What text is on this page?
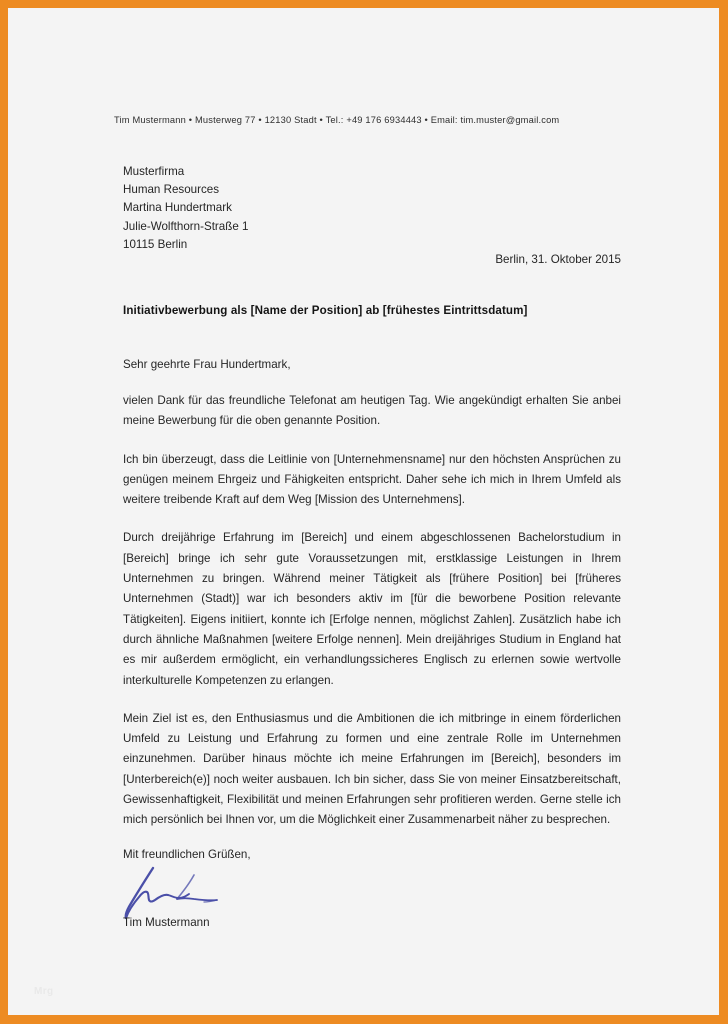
Tim Mustermann • Musterweg 77 • 12130 Stadt • Tel.: +49 176 6934443 • Email: tim.muster@gmail.com
Musterfirma
Human Resources
Martina Hundertmark
Julie-Wolfthorn-Straße 1
10115 Berlin
Berlin, 31. Oktober 2015
Initiativbewerbung als [Name der Position] ab [frühestes Eintrittsdatum]
Sehr geehrte Frau Hundertmark,

vielen Dank für das freundliche Telefonat am heutigen Tag. Wie angekündigt erhalten Sie anbei meine Bewerbung für die oben genannte Position.

Ich bin überzeugt, dass die Leitlinie von [Unternehmensname] nur den höchsten Ansprüchen zu genügen meinem Ehrgeiz und Fähigkeiten entspricht. Daher sehe ich mich in Ihrem Umfeld als weitere treibende Kraft auf dem Weg [Mission des Unternehmens].

Durch dreijährige Erfahrung im [Bereich] und einem abgeschlossenen Bachelorstudium in [Bereich] bringe ich sehr gute Voraussetzungen mit, erstklassige Leistungen in Ihrem Unternehmen zu bringen. Während meiner Tätigkeit als [frühere Position] bei [früheres Unternehmen (Stadt)] war ich besonders aktiv im [für die beworbene Position relevante Tätigkeiten]. Eigens initiiert, konnte ich [Erfolge nennen, möglichst Zahlen]. Zusätzlich habe ich durch ähnliche Maßnahmen [weitere Erfolge nennen]. Mein dreijähriges Studium in England hat es mir außerdem ermöglicht, ein verhandlungssicheres Englisch zu erlernen sowie wertvolle interkulturelle Kompetenzen zu erlangen.

Mein Ziel ist es, den Enthusiasmus und die Ambitionen die ich mitbringe in einem förderlichen Umfeld zu Leistung und Erfahrung zu formen und eine zentrale Rolle im Unternehmen einzunehmen. Darüber hinaus möchte ich meine Erfahrungen im [Bereich], besonders im [Unterbereich(e)] noch weiter ausbauen. Ich bin sicher, dass Sie von meiner Einsatzbereitschaft, Gewissenhaftigkeit, Flexibilität und meinen Erfahrungen sehr profitieren werden. Gerne stelle ich mich persönlich bei Ihnen vor, um die Möglichkeit einer Zusammenarbeit näher zu besprechen.

Mit freundlichen Grüßen,
Tim Mustermann
Mrg
